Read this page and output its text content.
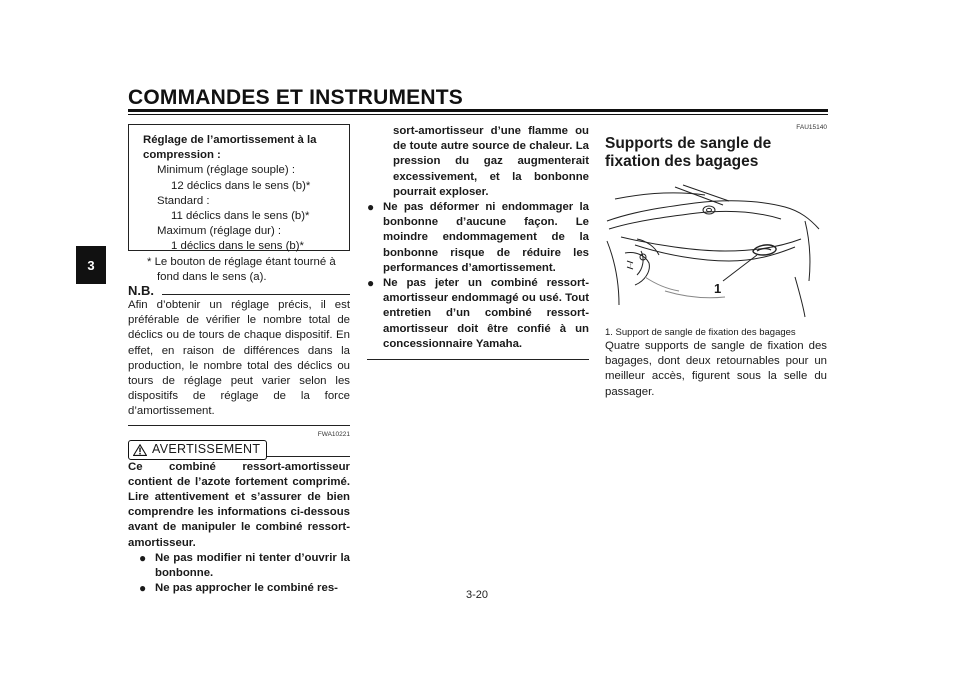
COMMANDES ET INSTRUMENTS
3
Réglage de l’amortissement à la compression :
Minimum (réglage souple) :
12 déclics dans le sens (b)*
Standard :
11 déclics dans le sens (b)*
Maximum (réglage dur) :
1 déclics dans le sens (b)*
* Le bouton de réglage étant tourné à fond dans le sens (a).
N.B.

Afin d’obtenir un réglage précis, il est préférable de vérifier le nombre total de déclics ou de tours de chaque dispositif. En effet, en raison de différences dans la production, le nombre total des déclics ou tours de réglage peut varier selon les dispositifs de réglage de la force d’amortissement.

FWA10221
AVERTISSEMENT

Ce combiné ressort-amortisseur contient de l’azote fortement comprimé. Lire attentivement et s’assurer de bien comprendre les informations ci-dessous avant de manipuler le combiné ressort-amortisseur.

● Ne pas modifier ni tenter d’ouvrir la bonbonne.
● Ne pas approcher le combiné res-

sort-amortisseur d’une flamme ou de toute autre source de chaleur. La pression du gaz augmenterait excessivement, et la bonbonne pourrait exploser.

● Ne pas déformer ni endommager la bonbonne d’aucune façon. Le moindre endommagement de la bonbonne risque de réduire les performances d’amortissement.
● Ne pas jeter un combiné ressort-amortisseur endommagé ou usé. Tout entretien d’un combiné ressort-amortisseur doit être confié à un concessionnaire Yamaha.
FAU15140
Supports de sangle de fixation des bagages
↑
1
1. Support de sangle de fixation des bagages

Quatre supports de sangle de fixation des bagages, dont deux retournables pour un meilleur accès, figurent sous la selle du passager.

3-20
